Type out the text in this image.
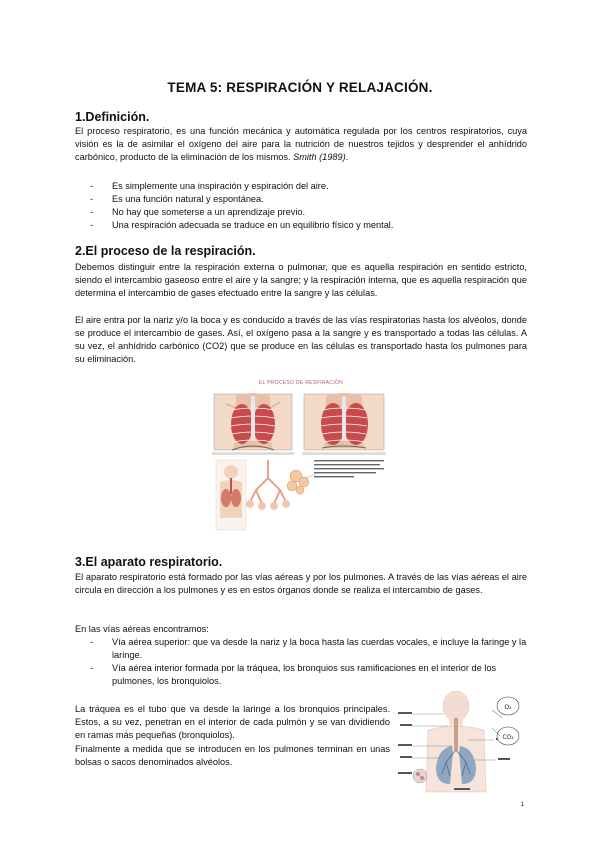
TEMA 5: RESPIRACIÓN Y RELAJACIÓN.
1.Definición.

El proceso respiratorio, es una función mecánica y automática regulada por los centros respiratorios, cuya visión es la de asimilar el oxígeno del aire para la nutrición de nuestros tejidos y desprender el anhídrido carbónico, producto de la eliminación de los mismos. Smith (1989).

- Es simplemente una inspiración y espiración del aire.
- Es una función natural y espontánea.
- No hay que someterse a un aprendizaje previo.
- Una respiración adecuada se traduce en un equilibrio físico y mental.
2.El proceso de la respiración.

Debemos distinguir entre la respiración externa o pulmonar, que es aquella respiración en sentido estricto, siendo el intercambio gaseoso entre el aire y la sangre; y la respiración interna, que es aquella respiración que determina el intercambio de gases efectuado entre la sangre y las células.

El aire entra por la nariz y/o la boca y es conducido a través de las vías respiratorias hasta los alvéolos, donde se produce el intercambio de gases. Así, el oxígeno pasa a la sangre y es transportado a todas las células. A su vez, el anhídrido carbónico (CO2) que se produce en las células es transportado hasta los pulmones para su eliminación.

EL PROCESO DE RESPIRACIÓN
3.El aparato respiratorio.

El aparato respiratorio está formado por las vías aéreas y por los pulmones. A través de las vías aéreas el aire circula en dirección a los pulmones y es en estos órganos donde se realiza el intercambio de gases.

En las vías aéreas encontramos:

- Vía aérea superior: que va desde la nariz y la boca hasta las cuerdas vocales, e incluye la faringe y la laringe.
- Vía aérea interior formada por la tráquea, los bronquios sus ramificaciones en el interior de los pulmones, los bronquiolos.

La tráquea es el tubo que va desde la laringe a los bronquios principales. Estos, a su vez, penetran en el interior de cada pulmón y se van dividiendo en ramas más pequeñas (bronquiolos).

Finalmente a medida que se introducen en los pulmones terminan en unas bolsas o sacos denominados alvéolos.

O₂
CO₂
1
